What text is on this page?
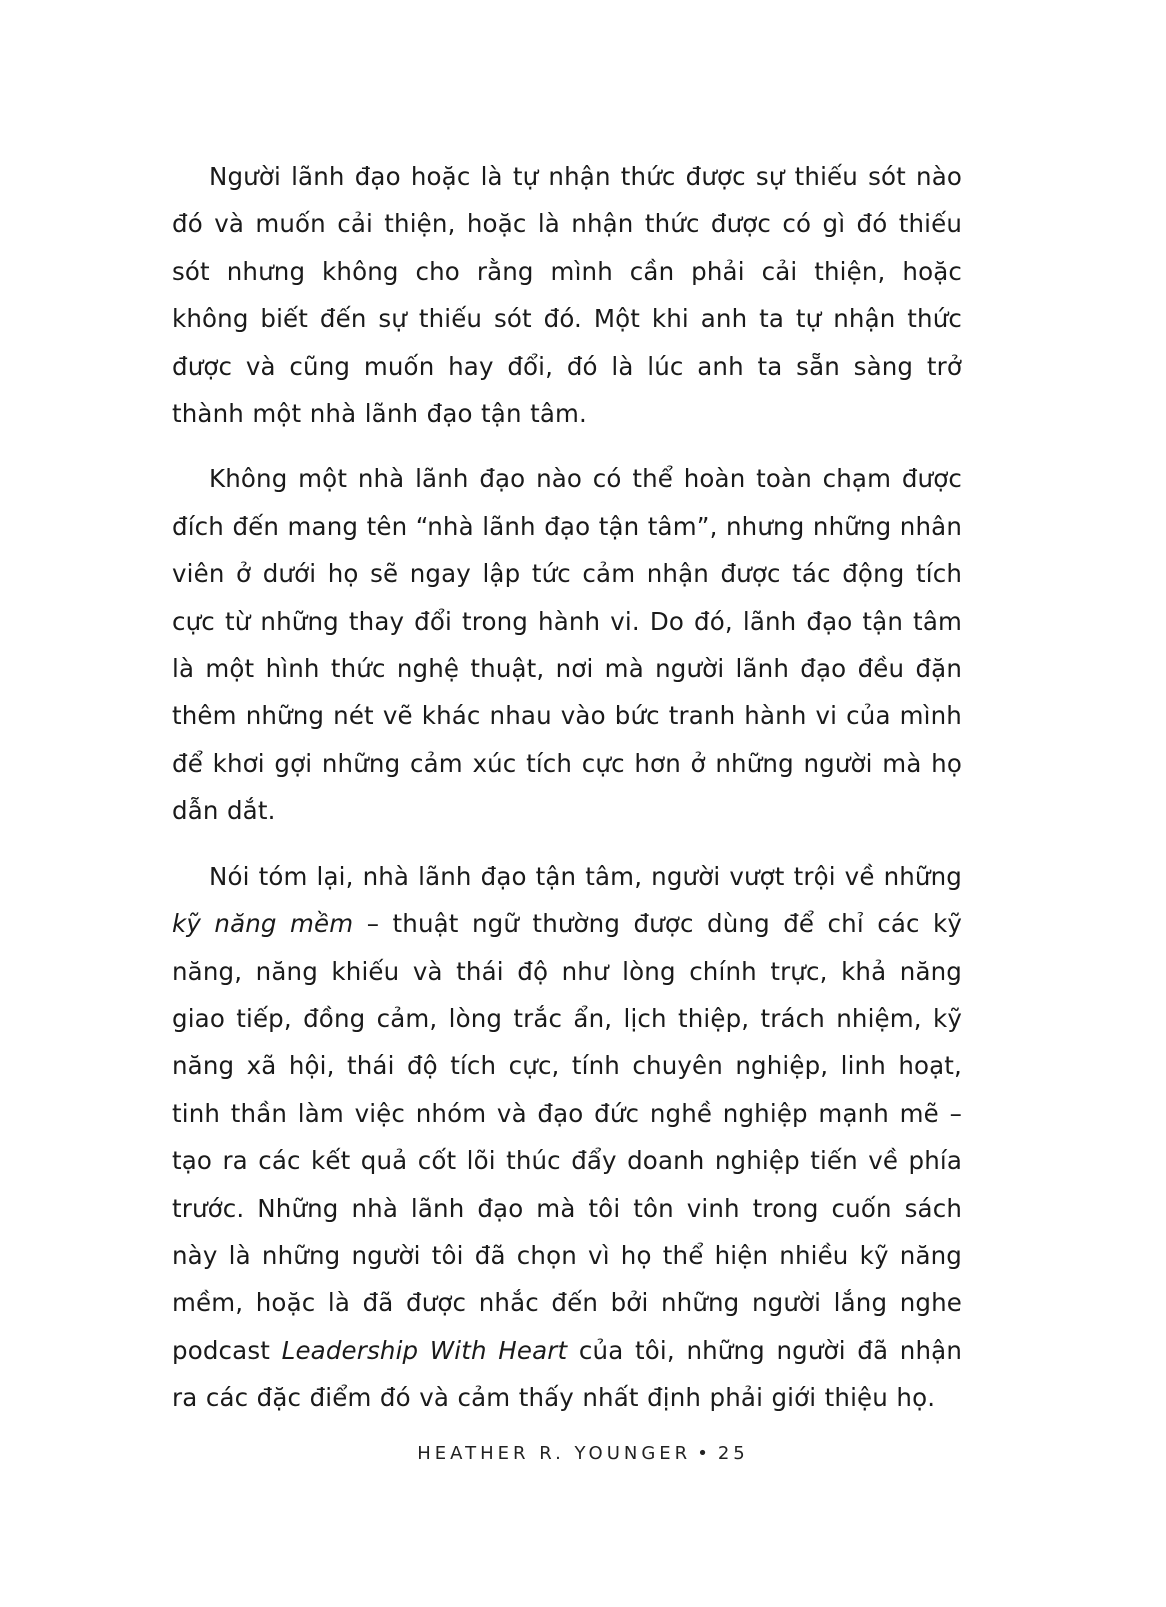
Người lãnh đạo hoặc là tự nhận thức được sự thiếu sót nào đó và muốn cải thiện, hoặc là nhận thức được có gì đó thiếu sót nhưng không cho rằng mình cần phải cải thiện, hoặc không biết đến sự thiếu sót đó. Một khi anh ta tự nhận thức được và cũng muốn hay đổi, đó là lúc anh ta sẵn sàng trở thành một nhà lãnh đạo tận tâm.

Không một nhà lãnh đạo nào có thể hoàn toàn chạm được đích đến mang tên “nhà lãnh đạo tận tâm”, nhưng những nhân viên ở dưới họ sẽ ngay lập tức cảm nhận được tác động tích cực từ những thay đổi trong hành vi. Do đó, lãnh đạo tận tâm là một hình thức nghệ thuật, nơi mà người lãnh đạo đều đặn thêm những nét vẽ khác nhau vào bức tranh hành vi của mình để khơi gợi những cảm xúc tích cực hơn ở những người mà họ dẫn dắt.

Nói tóm lại, nhà lãnh đạo tận tâm, người vượt trội về những kỹ năng mềm – thuật ngữ thường được dùng để chỉ các kỹ năng, năng khiếu và thái độ như lòng chính trực, khả năng giao tiếp, đồng cảm, lòng trắc ẩn, lịch thiệp, trách nhiệm, kỹ năng xã hội, thái độ tích cực, tính chuyên nghiệp, linh hoạt, tinh thần làm việc nhóm và đạo đức nghề nghiệp mạnh mẽ – tạo ra các kết quả cốt lõi thúc đẩy doanh nghiệp tiến về phía trước. Những nhà lãnh đạo mà tôi tôn vinh trong cuốn sách này là những người tôi đã chọn vì họ thể hiện nhiều kỹ năng mềm, hoặc là đã được nhắc đến bởi những người lắng nghe podcast Leadership With Heart của tôi, những người đã nhận ra các đặc điểm đó và cảm thấy nhất định phải giới thiệu họ.

HEATHER R. YOUNGER • 25
